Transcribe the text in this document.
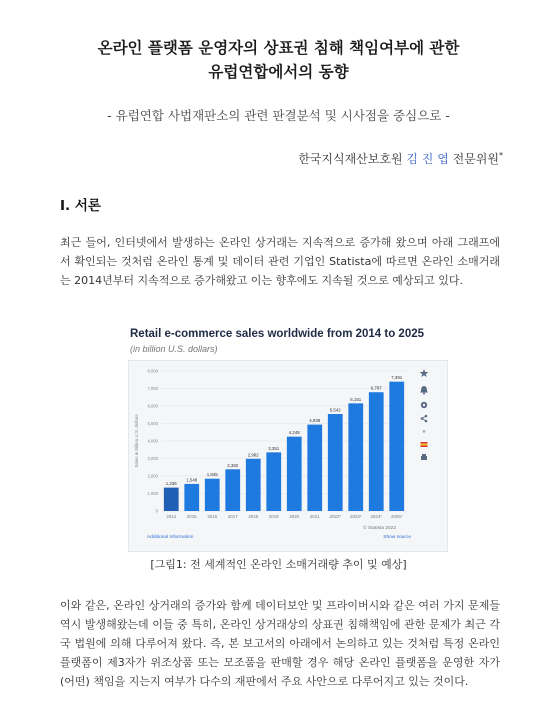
온라인 플랫폼 운영자의 상표권 침해 책임여부에 관한
유럽연합에서의 동향
- 유럽연합 사법재판소의 관련 판결분석 및 시사점을 중심으로 -
한국지식재산보호원 김 진 엽 전문위원*
I. 서론
최근 들어, 인터넷에서 발생하는 온라인 상거래는 지속적으로 증가해 왔으며 아래 그래프에서 확인되는 것처럼 온라인 통계 및 데이터 관련 기업인 Statista에 따르면 온라인 소매거래는 2014년부터 지속적으로 증가해왔고 이는 향후에도 지속될 것으로 예상되고 있다.
Retail e-commerce sales worldwide from 2014 to 2025
(in billion U.S. dollars)
Sales in billion U.S. dollars
0
1,000
2,000
3,000
4,000
5,000
6,000
7,000
8,000
1,336
2014
1,548
2015
1,845
2016
2,382
2017
2,982
2018
3,351
2019
4,248
2020
4,938
2021
5,542
2022*
6,151
2023*
6,787
2024*
7,391
2025*
”
© Statista 2022
Additional Information	Show source
[그림1: 전 세계적인 온라인 소매거래량 추이 및 예상]
이와 같은, 온라인 상거래의 증가와 함께 데이터보안 및 프라이버시와 같은 여러 가지 문제들 역시 발생해왔는데 이들 중 특히, 온라인 상거래상의 상표권 침해책임에 관한 문제가 최근 각국 법원에 의해 다루어져 왔다. 즉, 본 보고서의 아래에서 논의하고 있는 것처럼 특정 온라인 플랫폼이 제3자가 위조상품 또는 모조품을 판매할 경우 해당 온라인 플랫폼을 운영한 자가 (어떤) 책임을 지는지 여부가 다수의 재판에서 주요 사안으로 다루어지고 있는 것이다.
